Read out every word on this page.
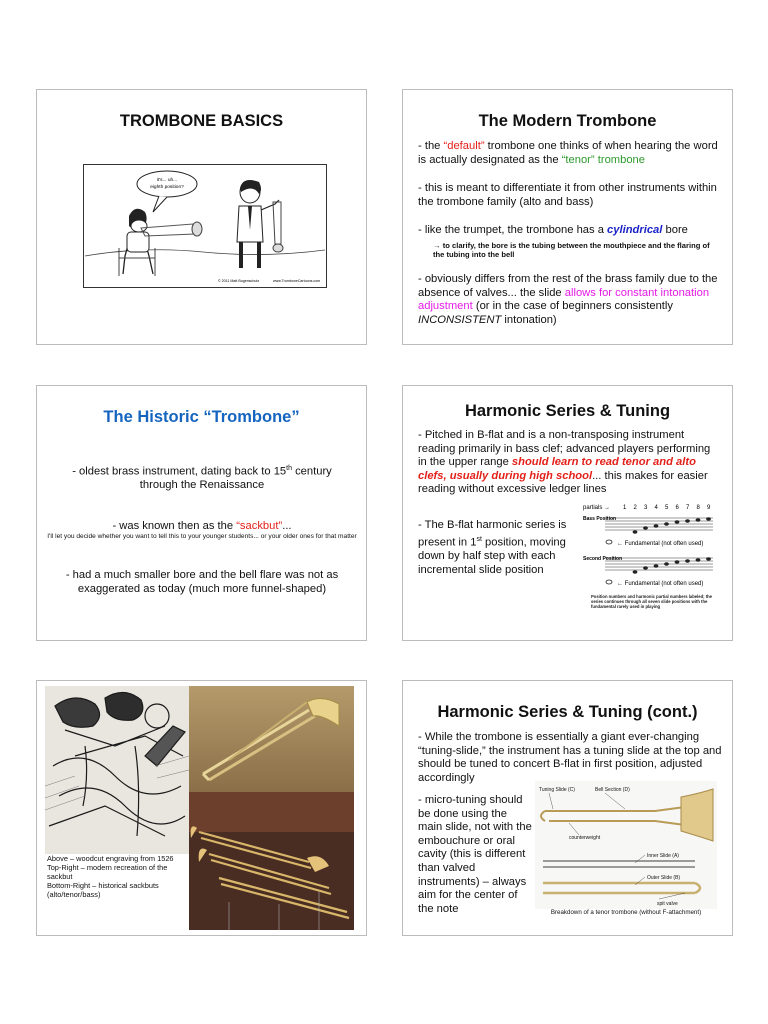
TROMBONE BASICS
it's... uh...
eighth position?
© 2011 Matt Bogenschutz	www.TromboneCartoons.com
The Modern Trombone
- the “default” trombone one thinks of when hearing the word is actually designated as the “tenor” trombone
- this is meant to differentiate it from other instruments within the trombone family (alto and bass)
- like the trumpet, the trombone has a cylindrical bore
→ to clarify, the bore is the tubing between the mouthpiece and the flaring of the tubing into the bell
- obviously differs from the rest of the brass family due to the absence of valves... the slide allows for constant intonation adjustment (or in the case of beginners consistently INCONSISTENT intonation)
The Historic “Trombone”
- oldest brass instrument, dating back to 15th century through the Renaissance
- was known then as the “sackbut”...
I'll let you decide whether you want to tell this to your younger students... or your older ones for that matter
- had a much smaller bore and the bell flare was not as exaggerated as today (much more funnel-shaped)
Harmonic Series & Tuning
- Pitched in B-flat and is a non-transposing instrument reading primarily in bass clef; advanced players performing in the upper range should learn to read tenor and alto clefs, usually during high school... this makes for easier reading without excessive ledger lines
- The B-flat harmonic series is present in 1st position, moving down by half step with each incremental slide position
partials → 1 2 3 4 5 6 7 8 9
Bass Position
← Fundamental (not often used)
Second Position
← Fundamental (not often used)
Position numbers and harmonic partial numbers labeled; the series continues through all seven slide positions with the fundamental rarely used in playing
Above – woodcut engraving from 1526
Top-Right – modern recreation of the sackbut
Bottom-Right – historical sackbuts (alto/tenor/bass)
Harmonic Series & Tuning (cont.)
- While the trombone is essentially a giant ever-changing “tuning-slide,” the instrument has a tuning slide at the top and should be tuned to concert B-flat in first position, adjusted accordingly
- micro-tuning should be done using the main slide, not with the embouchure or oral cavity (this is different than valved instruments) – always aim for the center of the note
Tuning Slide (C)	Bell Section (D)
counterweight
Inner Slide (A)
Outer Slide (B)
spit valve
Breakdown of a tenor trombone (without F-attachment)
